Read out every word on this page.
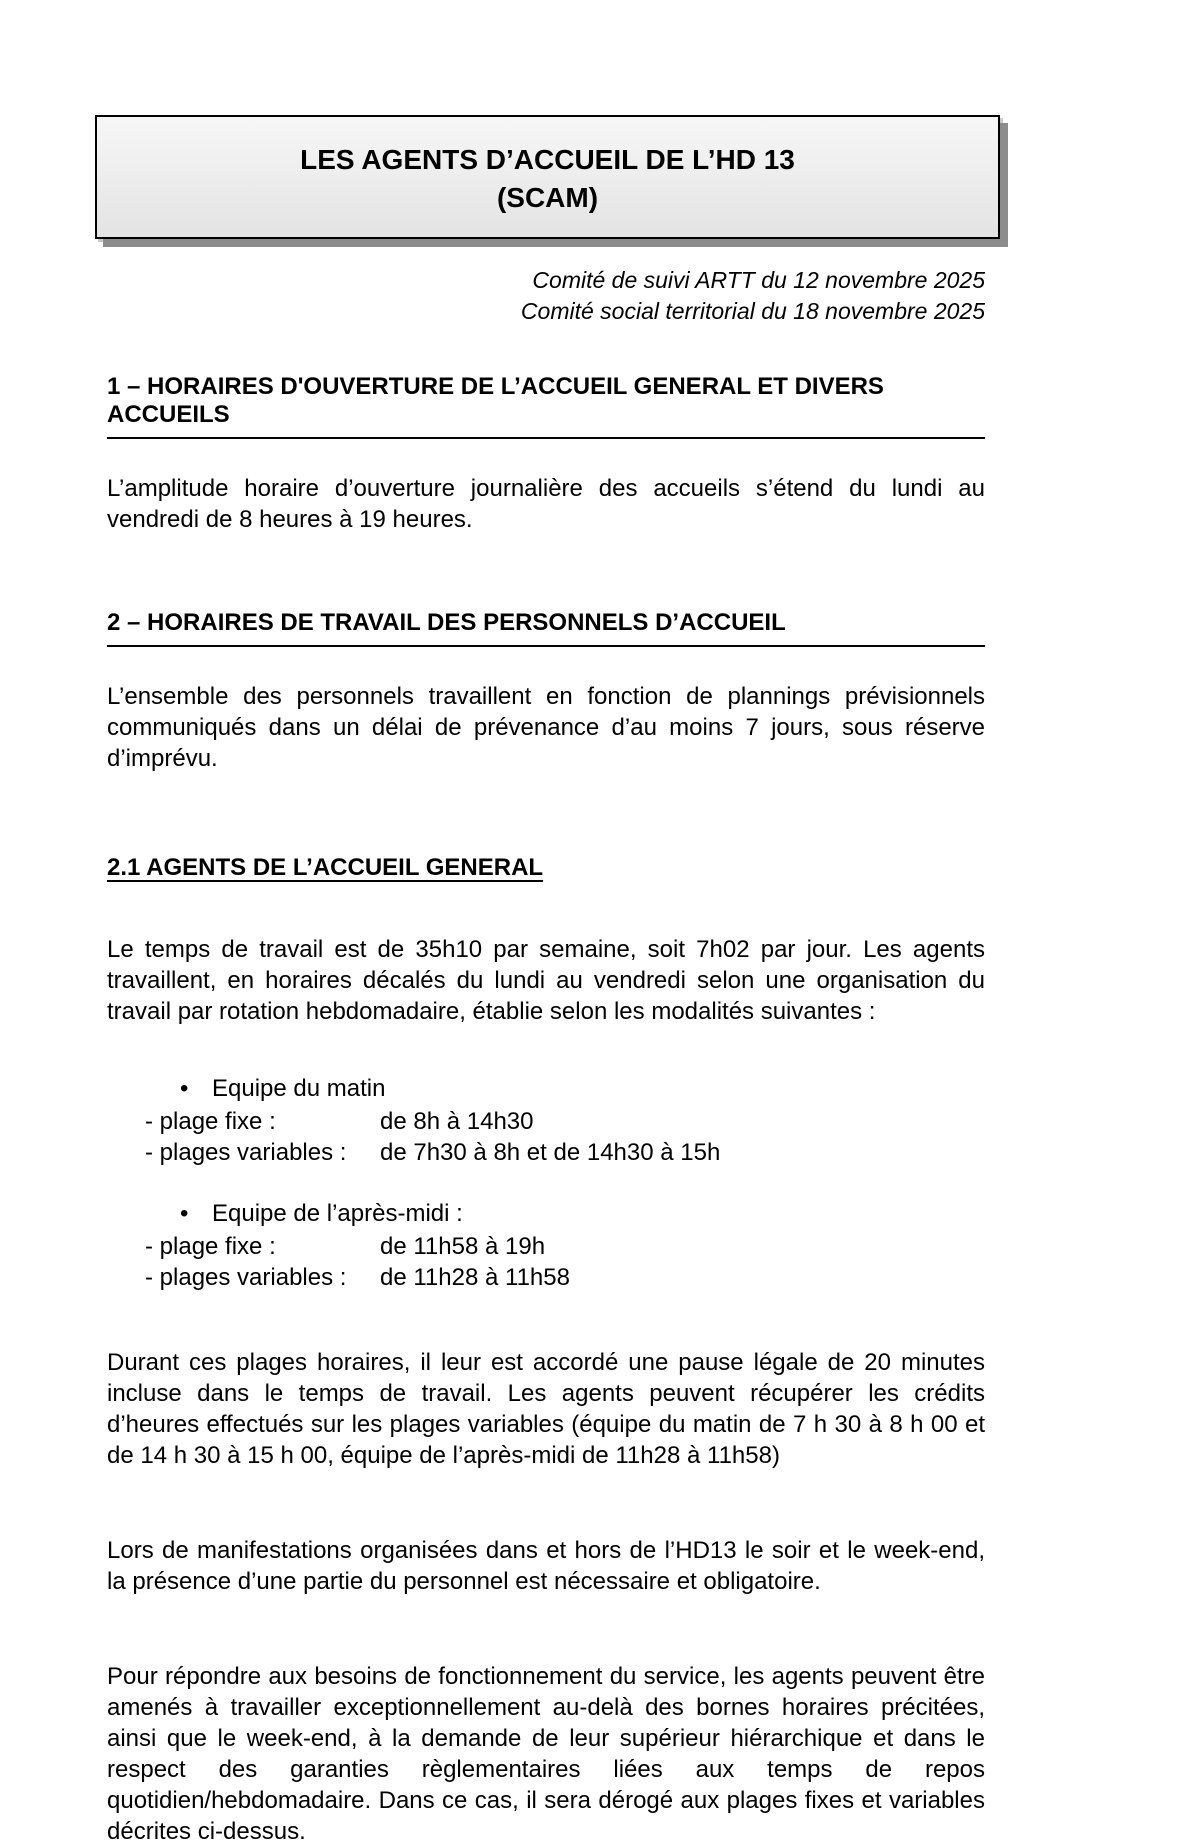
LES AGENTS D’ACCUEIL DE L’HD 13
(SCAM)
Comité de suivi ARTT du 12 novembre 2025
Comité social territorial du 18 novembre 2025
1 – HORAIRES D'OUVERTURE DE L’ACCUEIL GENERAL ET DIVERS ACCUEILS

L’amplitude horaire d’ouverture journalière des accueils s’étend du lundi au vendredi de 8 heures à 19 heures.

2 – HORAIRES DE TRAVAIL DES PERSONNELS D’ACCUEIL

L’ensemble des personnels travaillent en fonction de plannings prévisionnels communiqués dans un délai de prévenance d’au moins 7 jours, sous réserve d’imprévu.

2.1 AGENTS DE L’ACCUEIL GENERAL

Le temps de travail est de 35h10 par semaine, soit 7h02 par jour. Les agents travaillent, en horaires décalés du lundi au vendredi selon une organisation du travail par rotation hebdomadaire, établie selon les modalités suivantes :

•
Equipe du matin
- plage fixe :	de 8h à 14h30
- plages variables :	de 7h30 à 8h et de 14h30 à 15h
•
Equipe de l’après-midi :
- plage fixe :	de 11h58 à 19h
- plages variables :	de 11h28 à 11h58

Durant ces plages horaires, il leur est accordé une pause légale de 20 minutes incluse dans le temps de travail. Les agents peuvent récupérer les crédits d’heures effectués sur les plages variables (équipe du matin de 7 h 30 à 8 h 00 et de 14 h 30 à 15 h 00, équipe de l’après-midi de 11h28 à 11h58)

Lors de manifestations organisées dans et hors de l’HD13 le soir et le week-end, la présence d’une partie du personnel est nécessaire et obligatoire.

Pour répondre aux besoins de fonctionnement du service, les agents peuvent être amenés à travailler exceptionnellement au-delà des bornes horaires précitées, ainsi que le week-end, à la demande de leur supérieur hiérarchique et dans le respect des garanties règlementaires liées aux temps de repos quotidien/hebdomadaire. Dans ce cas, il sera dérogé aux plages fixes et variables décrites ci-dessus.
